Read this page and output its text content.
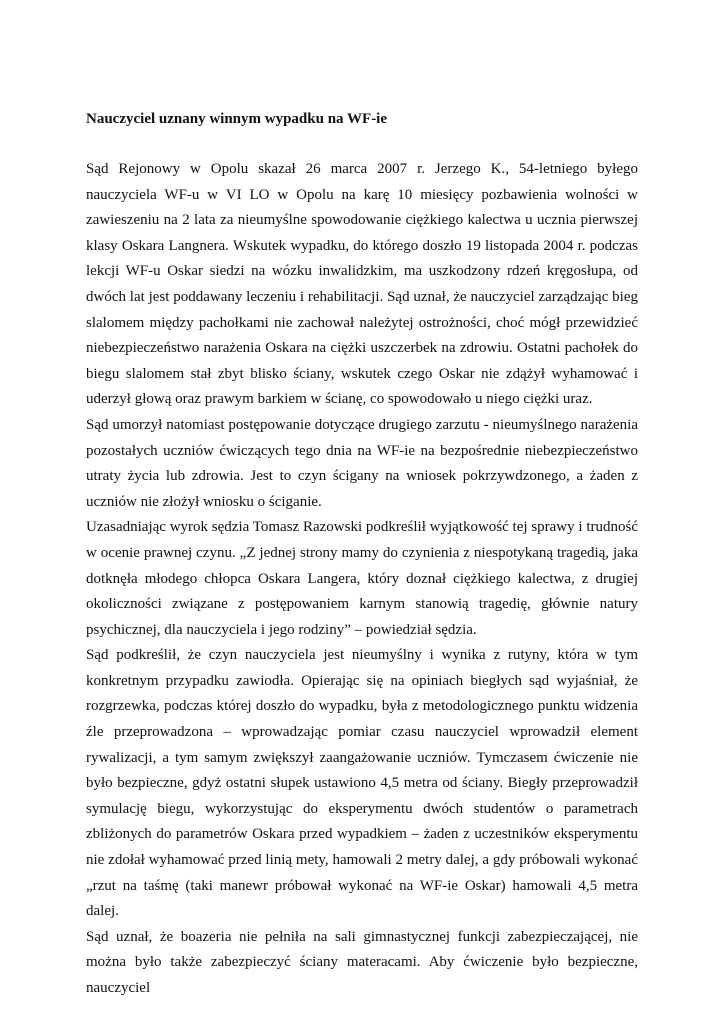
Nauczyciel uznany winnym wypadku na WF-ie

Sąd Rejonowy w Opolu skazał 26 marca 2007 r. Jerzego K., 54-letniego byłego nauczyciela WF-u w VI LO w Opolu na karę 10 miesięcy pozbawienia wolności w zawieszeniu na 2 lata za nieumyślne spowodowanie ciężkiego kalectwa u ucznia pierwszej klasy Oskara Langnera. Wskutek wypadku, do którego doszło 19 listopada 2004 r. podczas lekcji WF-u Oskar siedzi na wózku inwalidzkim, ma uszkodzony rdzeń kręgosłupa, od dwóch lat jest poddawany leczeniu i rehabilitacji. Sąd uznał, że nauczyciel zarządzając bieg slalomem między pachołkami nie zachował należytej ostrożności, choć mógł przewidzieć niebezpieczeństwo narażenia Oskara na ciężki uszczerbek na zdrowiu. Ostatni pachołek do biegu slalomem stał zbyt blisko ściany, wskutek czego Oskar nie zdążył wyhamować i uderzył głową oraz prawym barkiem w ścianę, co spowodowało u niego ciężki uraz.

Sąd umorzył natomiast postępowanie dotyczące drugiego zarzutu - nieumyślnego narażenia pozostałych uczniów ćwiczących tego dnia na WF-ie na bezpośrednie niebezpieczeństwo utraty życia lub zdrowia. Jest to czyn ścigany na wniosek pokrzywdzonego, a żaden z uczniów nie złożył wniosku o ściganie.

Uzasadniając wyrok sędzia Tomasz Razowski podkreślił wyjątkowość tej sprawy i trudność w ocenie prawnej czynu. „Z jednej strony mamy do czynienia z niespotykaną tragedią, jaka dotknęła młodego chłopca Oskara Langera, który doznał ciężkiego kalectwa, z drugiej okoliczności związane z postępowaniem karnym stanowią tragedię, głównie natury psychicznej, dla nauczyciela i jego rodziny” – powiedział sędzia.

Sąd podkreślił, że czyn nauczyciela jest nieumyślny i wynika z rutyny, która w tym konkretnym przypadku zawiodła. Opierając się na opiniach biegłych sąd wyjaśniał, że rozgrzewka, podczas której doszło do wypadku, była z metodologicznego punktu widzenia źle przeprowadzona – wprowadzając pomiar czasu nauczyciel wprowadził element rywalizacji, a tym samym zwiększył zaangażowanie uczniów. Tymczasem ćwiczenie nie było bezpieczne, gdyż ostatni słupek ustawiono 4,5 metra od ściany. Biegły przeprowadził symulację biegu, wykorzystując do eksperymentu dwóch studentów o parametrach zbliżonych do parametrów Oskara przed wypadkiem – żaden z uczestników eksperymentu nie zdołał wyhamować przed linią mety, hamowali 2 metry dalej, a gdy próbowali wykonać „rzut na taśmę (taki manewr próbował wykonać na WF-ie Oskar) hamowali 4,5 metra dalej.

Sąd uznał, że boazeria nie pełniła na sali gimnastycznej funkcji zabezpieczającej, nie można było także zabezpieczyć ściany materacami. Aby ćwiczenie było bezpieczne, nauczyciel
